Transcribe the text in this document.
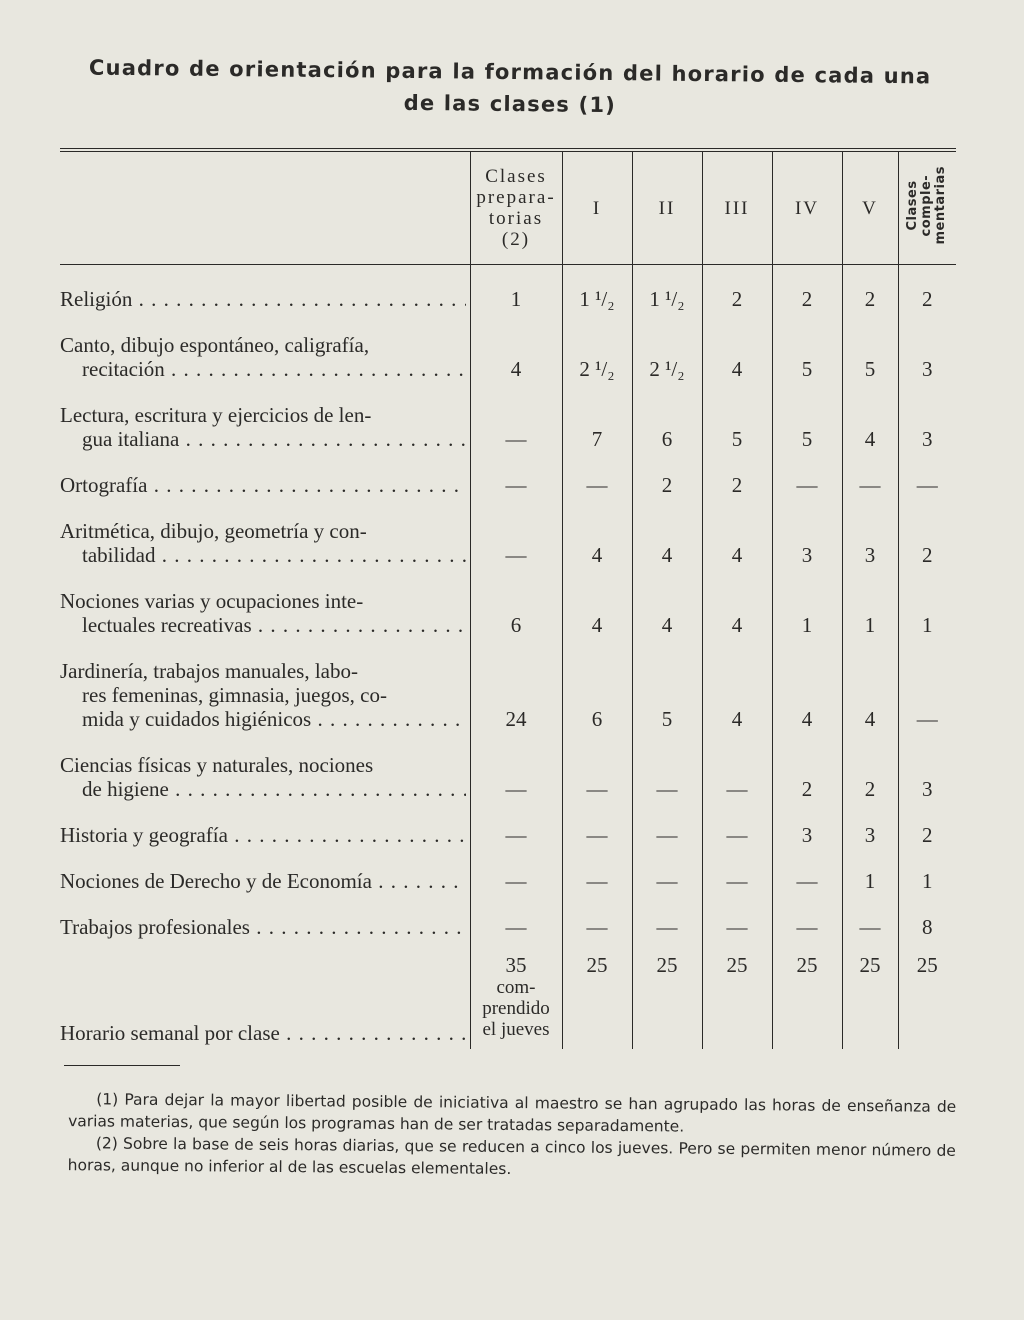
Cuadro de orientación para la formación del horario de cada una
de las clases (1)

	Clases
prepara-
torias
(2)	I	II	III	IV	V	Clases comple- mentarias

Religión . . .	1	1 ¹/₂	1 ¹/₂	2	2	2	2

Canto, dibujo espontáneo, caligrafía,
recitación . . .	4	2 ¹/₂	2 ¹/₂	4	5	5	3

Lectura, escritura y ejercicios de len-
gua italiana . . .	—	7	6	5	5	4	3

Ortografía . . .	—	—	2	2	—	—	—

Aritmética, dibujo, geometría y con-
tabilidad . . .	—	4	4	4	3	3	2

Nociones varias y ocupaciones inte-
lectuales recreativas . . .	6	4	4	4	1	1	1

Jardinería, trabajos manuales, labo-
res femeninas, gimnasia, juegos, co-
mida y cuidados higiénicos . . .	24	6	5	4	4	4	—

Ciencias físicas y naturales, nociones
de higiene . . .	—	—	—	—	2	2	3

Historia y geografía . . .	—	—	—	—	3	3	2

Nociones de Derecho y de Economía . . .	—	—	—	—	—	1	1

Trabajos profesionales . . .	—	—	—	—	—	—	8

Horario semanal por clase . . .	35
com-
prendido
el jueves	25	25	25	25	25	25

(1) Para dejar la mayor libertad posible de iniciativa al maestro se han agrupado las horas de enseñanza de varias materias, que según los programas han de ser tratadas separadamente.

(2) Sobre la base de seis horas diarias, que se reducen a cinco los jueves. Pero se permiten menor número de horas, aunque no inferior al de las escuelas elementales.
